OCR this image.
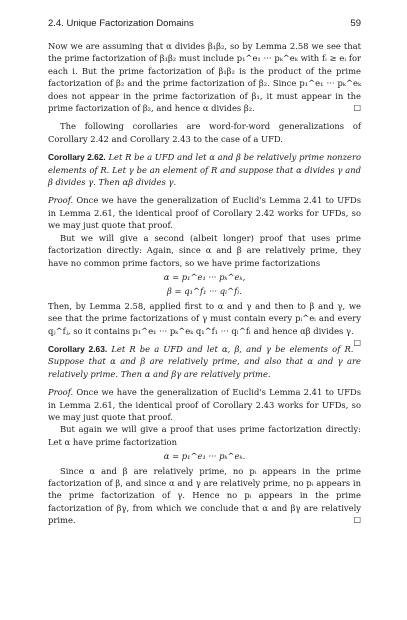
2.4. Unique Factorization Domains	59

Now we are assuming that α divides β₁β₂, so by Lemma 2.58 we see that the prime factorization of β₁β₂ must include p₁^e₁ ··· pₖ^eₖ with fᵢ ≥ eᵢ for each i. But the prime factorization of β₁β₂ is the product of the prime factorization of β₂ and the prime factorization of β₂. Since p₁^e₁ ··· pₖ^eₖ does not appear in the prime factorization of β₁, it must appear in the prime factorization of β₂, and hence α divides β₂.	□

The following corollaries are word-for-word generalizations of Corollary 2.42 and Corollary 2.43 to the case of a UFD.

Corollary 2.62. Let R be a UFD and let α and β be relatively prime nonzero elements of R. Let γ be an element of R and suppose that α divides γ and β divides γ. Then αβ divides γ.

Proof. Once we have the generalization of Euclid's Lemma 2.41 to UFDs in Lemma 2.61, the identical proof of Corollary 2.42 works for UFDs, so we may just quote that proof.

But we will give a second (albeit longer) proof that uses prime factorization directly: Again, since α and β are relatively prime, they have no common prime factors, so we have prime factorizations

α = p₁^e₁ ··· pₖ^eₖ,
β = q₁^f₁ ··· qₗ^fₗ.

Then, by Lemma 2.58, applied first to α and γ and then to β and γ, we see that the prime factorizations of γ must contain every pᵢ^eᵢ and every qⱼ^fⱼ, so it contains p₁^e₁ ··· pₖ^eₖ q₁^f₁ ··· qₗ^fₗ and hence αβ divides γ.
□

Corollary 2.63. Let R be a UFD and let α, β, and γ be elements of R. Suppose that α and β are relatively prime, and also that α and γ are relatively prime. Then α and βγ are relatively prime.

Proof. Once we have the generalization of Euclid's Lemma 2.41 to UFDs in Lemma 2.61, the identical proof of Corollary 2.43 works for UFDs, so we may just quote that proof.

But again we will give a proof that uses prime factorization directly: Let α have prime factorization

α = p₁^e₁ ··· pₖ^eₖ.

Since α and β are relatively prime, no pᵢ appears in the prime factorization of β, and since α and γ are relatively prime, no pᵢ appears in the prime factorization of γ. Hence no pᵢ appears in the prime factorization of βγ, from which we conclude that α and βγ are relatively prime.	□
